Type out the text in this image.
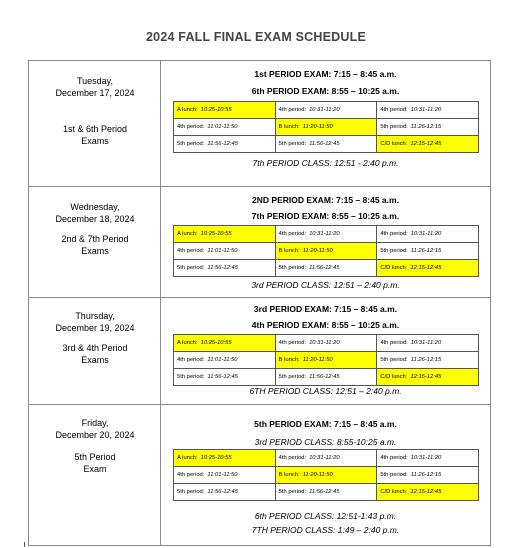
2024 FALL FINAL EXAM SCHEDULE
Tuesday,
December 17, 2024
1st & 6th Period
Exams
1st PERIOD EXAM: 7:15 – 8:45 a.m.
6th PERIOD EXAM: 8:55 – 10:25 a.m.
A lunch: 10:25-10:55	4th period: 10:31-11:20	4th period: 10:31-11:20
4th period: 11:01-11:50	B lunch: 11:20-11:50	5th period: 11:26-12:15
5th period: 11:56-12:45	5th period: 11:56-12:45	C/D lunch: 12:15-12:45
7th PERIOD CLASS: 12:51 - 2:40 p.m.
Wednesday,
December 18, 2024
2nd & 7th Period
Exams
2ND PERIOD EXAM: 7:15 – 8:45 a.m.
7th PERIOD EXAM: 8:55 – 10:25 a.m.
A lunch: 10:25-10:55	4th period: 10:31-11:20	4th period: 10:31-11:20
4th period: 11:01-11:50	B lunch: 11:20-11:50	5th period: 11:26-12:15
5th period: 11:56-12:45	5th period: 11:56-12:45	C/D lunch: 12:15-12:45
3rd PERIOD CLASS: 12:51 – 2:40 p.m.
Thursday,
December 19, 2024
3rd & 4th Period
Exams
3rd PERIOD EXAM: 7:15 – 8:45 a.m.
4th PERIOD EXAM: 8:55 – 10:25 a.m.
A lunch: 10:25-10:55	4th period: 10:31-11:20	4th period: 10:31-11:20
4th period: 11:01-11:50	B lunch: 11:20-11:50	5th period: 11:26-12:15
5th period: 11:56-12:45	5th period: 11:56-12:45	C/D lunch: 12:15-12:45
6TH PERIOD CLASS: 12:51 – 2:40 p.m.
Friday,
December 20, 2024
5th Period
Exam
5th PERIOD EXAM: 7:15 – 8:45 a.m.
3rd PERIOD CLASS: 8:55-10:25 a.m.
A lunch: 10:25-10:55	4th period: 10:31-11:20	4th period: 10:31-11:20
4th period: 11:01-11:50	B lunch: 11:20-11:50	5th period: 11:26-12:15
5th period: 11:56-12:45	5th period: 11:56-12:45	C/D lunch: 12:15-12:45
6th PERIOD CLASS: 12:51-1:43 p.m.
7TH PERIOD CLASS: 1:49 – 2:40 p.m.
